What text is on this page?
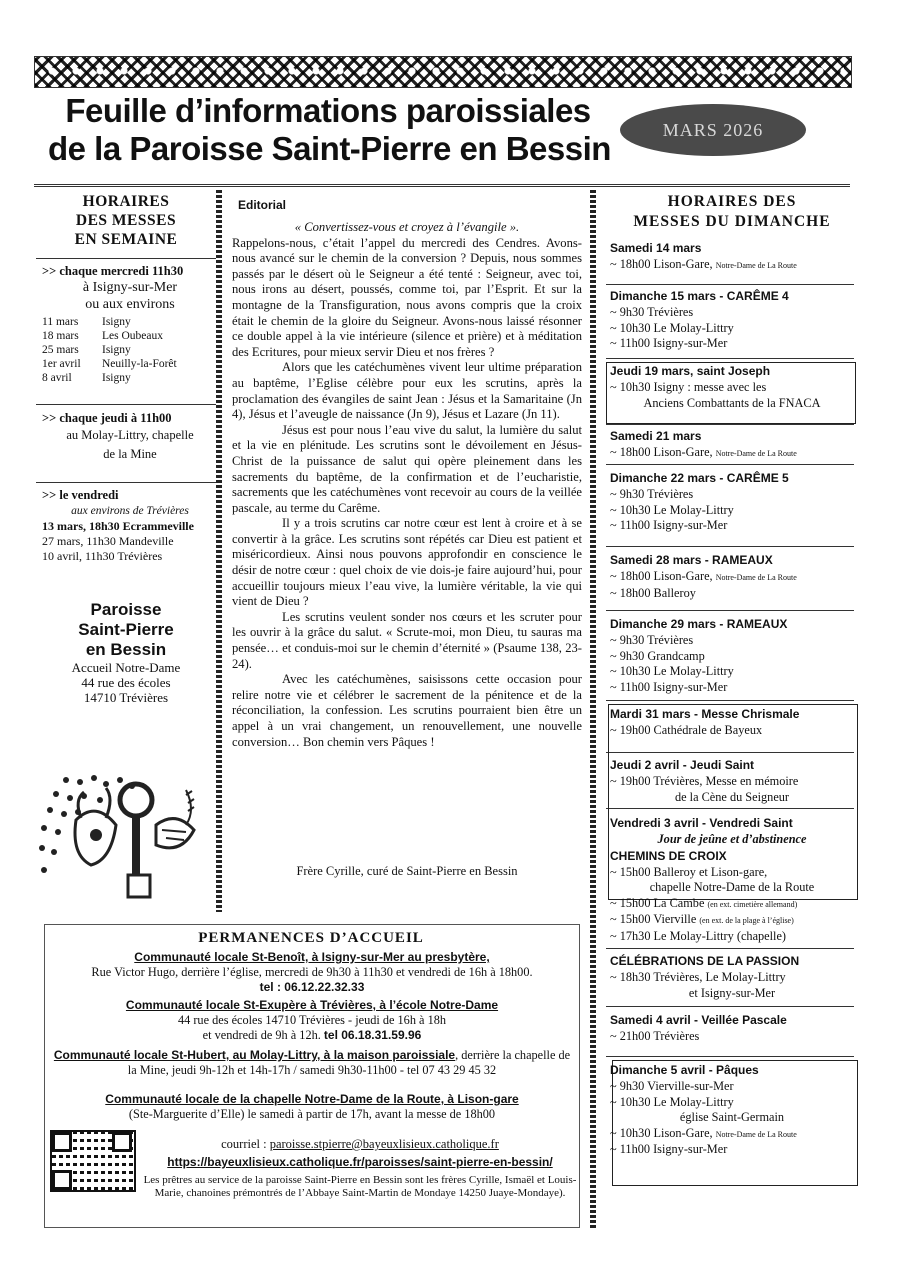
Feuille d’informations paroissiales
de la Paroisse Saint-Pierre en Bessin	MARS 2026
HORAIRES
DES MESSES
EN SEMAINE
>> chaque mercredi 11h30
à Isigny-sur-Mer
ou aux environs
11 mars	Isigny
18 mars	Les Oubeaux
25 mars	Isigny
1er avril	Neuilly-la-Forêt
8 avril	Isigny
>> chaque jeudi à 11h00
au Molay-Littry, chapelle
de la Mine
>> le vendredi
aux environs de Trévières
13 mars, 18h30 Ecrammeville
27 mars, 11h30 Mandeville
10 avril, 11h30 Trévières
Paroisse
Saint-Pierre
en Bessin
Accueil Notre-Dame
44 rue des écoles
14710 Trévières
Editorial

« Convertissez-vous et croyez à l’évangile ».

Rappelons-nous, c’était l’appel du mercredi des Cendres. Avons-nous avancé sur le chemin de la conversion ? Depuis, nous sommes passés par le désert où le Seigneur a été tenté : Seigneur, avec toi, nous irons au désert, poussés, comme toi, par l’Esprit. Et sur la montagne de la Transfiguration, nous avons compris que la croix était le chemin de la gloire du Seigneur. Avons-nous laissé résonner ce double appel à la vie intérieure (silence et prière) et à méditation des Ecritures, pour mieux servir Dieu et nos frères ?

Alors que les catéchumènes vivent leur ultime préparation au baptême, l’Eglise célèbre pour eux les scrutins, après la proclamation des évangiles de saint Jean : Jésus et la Samaritaine (Jn 4), Jésus et l’aveugle de naissance (Jn 9), Jésus et Lazare (Jn 11).

Jésus est pour nous l’eau vive du salut, la lumière du salut et la vie en plénitude. Les scrutins sont le dévoilement en Jésus-Christ de la puissance de salut qui opère pleinement dans les sacrements du baptême, de la confirmation et de l’eucharistie, sacrements que les catéchumènes vont recevoir au cours de la veillée pascale, au terme du Carême.

Il y a trois scrutins car notre cœur est lent à croire et à se convertir à la grâce. Les scrutins sont répétés car Dieu est patient et miséricordieux. Ainsi nous pouvons approfondir en conscience le désir de notre cœur : quel choix de vie dois-je faire aujourd’hui, pour accueillir toujours mieux l’eau vive, la lumière véritable, la vie qui vient de Dieu ?

Les scrutins veulent sonder nos cœurs et les scruter pour les ouvrir à la grâce du salut. « Scrute-moi, mon Dieu, tu sauras ma pensée… et conduis-moi sur le chemin d’éternité » (Psaume 138, 23-24).

Avec les catéchumènes, saisissons cette occasion pour relire notre vie et célébrer le sacrement de la pénitence et de la réconciliation, la confession. Les scrutins pourraient bien être un appel à un vrai changement, un renouvellement, une nouvelle conversion… Bon chemin vers Pâques !

Frère Cyrille, curé de Saint-Pierre en Bessin
HORAIRES DES
MESSES DU DIMANCHE
Samedi 14 mars
~ 18h00 Lison-Gare, Notre-Dame de La Route
Dimanche 15 mars - CARÊME 4
~ 9h30 Trévières
~ 10h30 Le Molay-Littry
~ 11h00 Isigny-sur-Mer
Jeudi 19 mars, saint Joseph
~ 10h30 Isigny : messe avec les
Anciens Combattants de la FNACA
Samedi 21 mars
~ 18h00 Lison-Gare, Notre-Dame de La Route
Dimanche 22 mars - CARÊME 5
~ 9h30 Trévières
~ 10h30 Le Molay-Littry
~ 11h00 Isigny-sur-Mer
Samedi 28 mars - RAMEAUX
~ 18h00 Lison-Gare, Notre-Dame de La Route
~ 18h00 Balleroy
Dimanche 29 mars - RAMEAUX
~ 9h30 Trévières
~ 9h30 Grandcamp
~ 10h30 Le Molay-Littry
~ 11h00 Isigny-sur-Mer
Mardi 31 mars - Messe Chrismale
~ 19h00 Cathédrale de Bayeux
Jeudi 2 avril - Jeudi Saint
~ 19h00 Trévières, Messe en mémoire
de la Cène du Seigneur
Vendredi 3 avril - Vendredi Saint
Jour de jeûne et d’abstinence
CHEMINS DE CROIX
~ 15h00 Balleroy et Lison-gare,
chapelle Notre-Dame de la Route
~ 15h00 La Cambe (en ext. cimetière allemand)
~ 15h00 Vierville (en ext. de la plage à l’église)
~ 17h30 Le Molay-Littry (chapelle)
CÉLÉBRATIONS DE LA PASSION
~ 18h30 Trévières, Le Molay-Littry
et Isigny-sur-Mer
Samedi 4 avril - Veillée Pascale
~ 21h00 Trévières
Dimanche 5 avril - Pâques
~ 9h30 Vierville-sur-Mer
~ 10h30 Le Molay-Littry
église Saint-Germain
~ 10h30 Lison-Gare, Notre-Dame de La Route
~ 11h00 Isigny-sur-Mer
PERMANENCES D’ACCUEIL
Communauté locale St-Benoît, à Isigny-sur-Mer au presbytère,
Rue Victor Hugo, derrière l’église, mercredi de 9h30 à 11h30 et vendredi de 16h à 18h00.
tel : 06.12.22.32.33
Communauté locale St-Exupère à Trévières, à l’école Notre-Dame
44 rue des écoles 14710 Trévières - jeudi de 16h à 18h
et vendredi de 9h à 12h. tel 06.18.31.59.96
Communauté locale St-Hubert, au Molay-Littry, à la maison paroissiale, derrière la chapelle de la Mine, jeudi 9h-12h et 14h-17h / samedi 9h30-11h00 - tel 07 43 29 45 32
Communauté locale de la chapelle Notre-Dame de la Route, à Lison-gare
(Ste-Marguerite d’Elle) le samedi à partir de 17h, avant la messe de 18h00
courriel : paroisse.stpierre@bayeuxlisieux.catholique.fr
https://bayeuxlisieux.catholique.fr/paroisses/saint-pierre-en-bessin/
Les prêtres au service de la paroisse Saint-Pierre en Bessin sont les frères Cyrille, Ismaël et Louis-Marie, chanoines prémontrés de l’Abbaye Saint-Martin de Mondaye 14250 Juaye-Mondaye).
